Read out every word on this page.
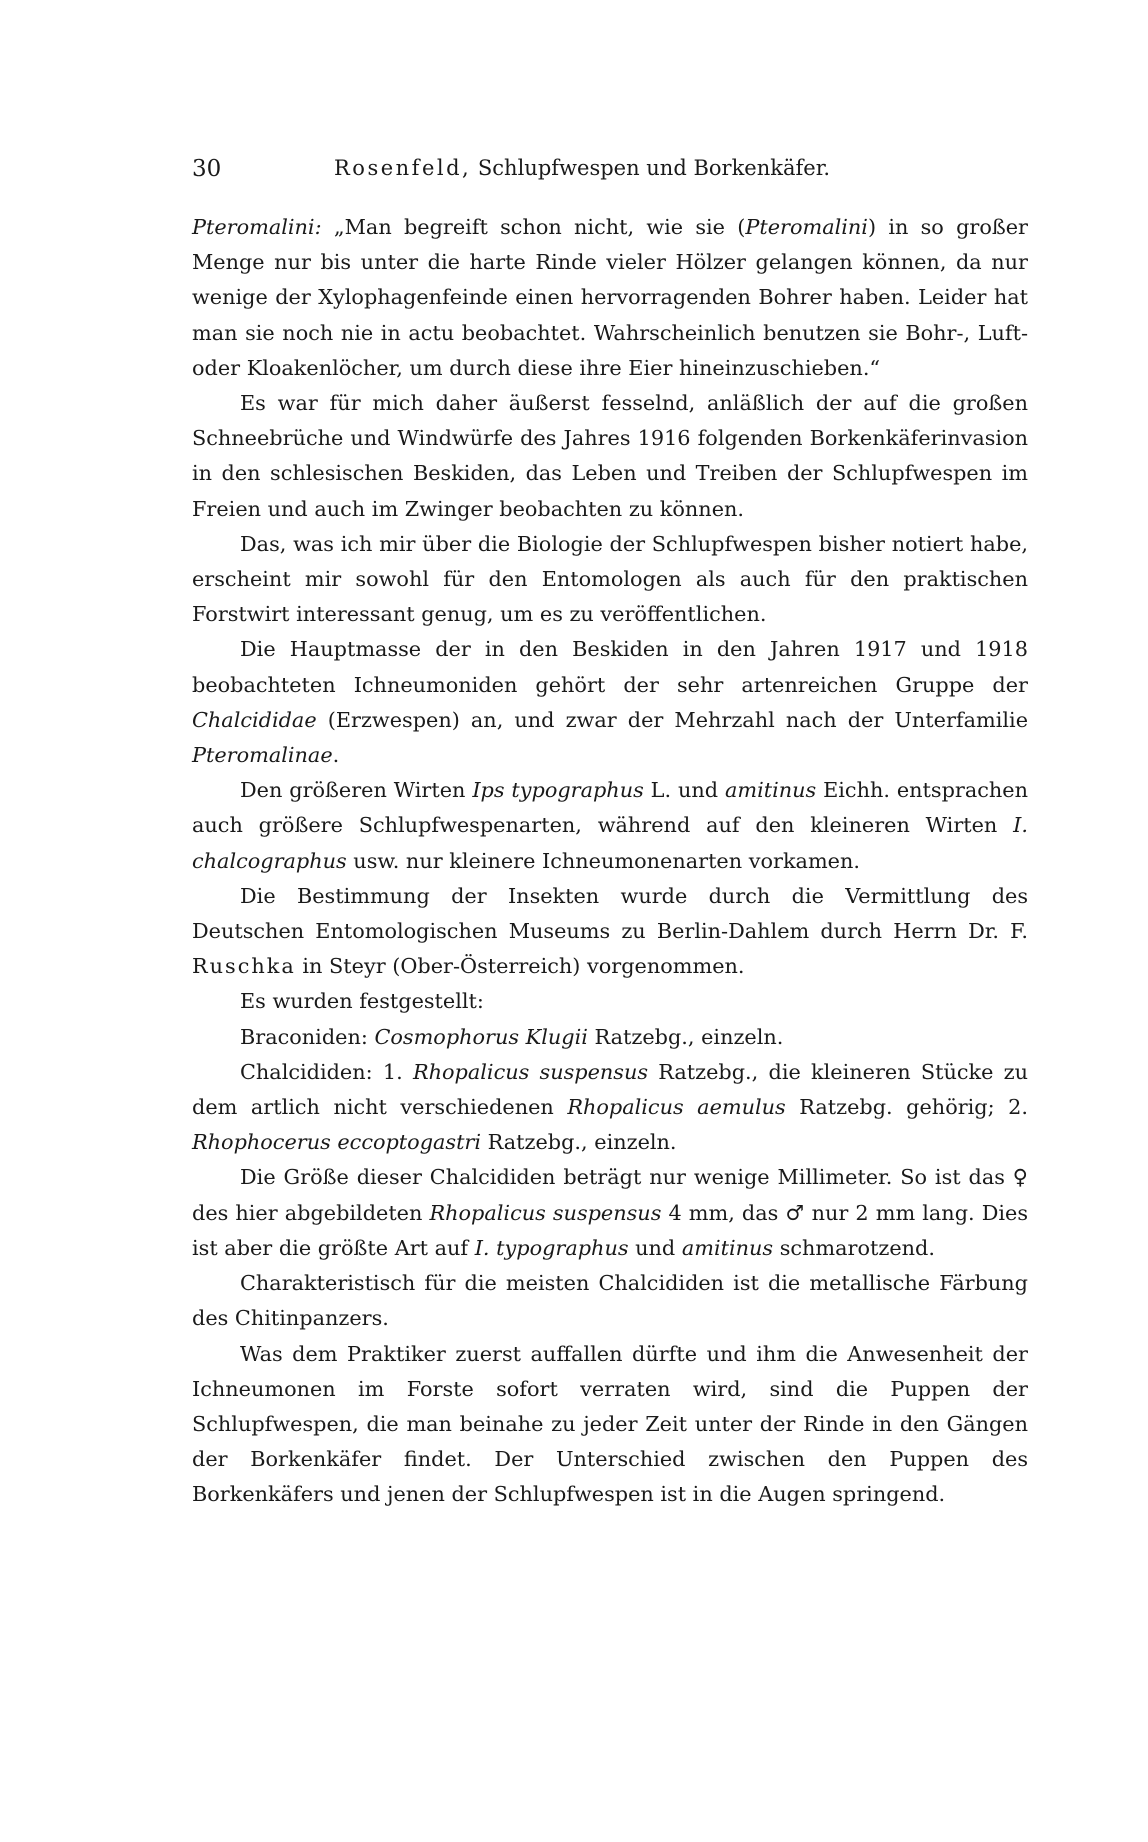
30	Rosenfeld, Schlupfwespen und Borkenkäfer.

Pteromalini: „Man begreift schon nicht, wie sie (Pteromalini) in so großer Menge nur bis unter die harte Rinde vieler Hölzer gelangen können, da nur wenige der Xylophagenfeinde einen hervorragenden Bohrer haben. Leider hat man sie noch nie in actu beobachtet. Wahrscheinlich benutzen sie Bohr-, Luft- oder Kloakenlöcher, um durch diese ihre Eier hineinzuschieben.“

Es war für mich daher äußerst fesselnd, anläßlich der auf die großen Schneebrüche und Windwürfe des Jahres 1916 folgenden Borkenkäferinvasion in den schlesischen Beskiden, das Leben und Treiben der Schlupfwespen im Freien und auch im Zwinger beobachten zu können.

Das, was ich mir über die Biologie der Schlupfwespen bisher notiert habe, erscheint mir sowohl für den Entomologen als auch für den praktischen Forstwirt interessant genug, um es zu veröffentlichen.

Die Hauptmasse der in den Beskiden in den Jahren 1917 und 1918 beobachteten Ichneumoniden gehört der sehr artenreichen Gruppe der Chalcididae (Erzwespen) an, und zwar der Mehrzahl nach der Unterfamilie Pteromalinae.

Den größeren Wirten Ips typographus L. und amitinus Eichh. entsprachen auch größere Schlupfwespenarten, während auf den kleineren Wirten I. chalcographus usw. nur kleinere Ichneumonenarten vorkamen.

Die Bestimmung der Insekten wurde durch die Vermittlung des Deutschen Entomologischen Museums zu Berlin-Dahlem durch Herrn Dr. F. Ruschka in Steyr (Ober-Österreich) vorgenommen.

Es wurden festgestellt:

Braconiden: Cosmophorus Klugii Ratzebg., einzeln.

Chalcididen: 1. Rhopalicus suspensus Ratzebg., die kleineren Stücke zu dem artlich nicht verschiedenen Rhopalicus aemulus Ratzebg. gehörig; 2. Rhophocerus eccoptogastri Ratzebg., einzeln.

Die Größe dieser Chalcididen beträgt nur wenige Millimeter. So ist das ♀ des hier abgebildeten Rhopalicus suspensus 4 mm, das ♂ nur 2 mm lang. Dies ist aber die größte Art auf I. typographus und amitinus schmarotzend.

Charakteristisch für die meisten Chalcididen ist die metallische Färbung des Chitinpanzers.

Was dem Praktiker zuerst auffallen dürfte und ihm die Anwesenheit der Ichneumonen im Forste sofort verraten wird, sind die Puppen der Schlupfwespen, die man beinahe zu jeder Zeit unter der Rinde in den Gängen der Borkenkäfer findet. Der Unterschied zwischen den Puppen des Borkenkäfers und jenen der Schlupfwespen ist in die Augen springend.
